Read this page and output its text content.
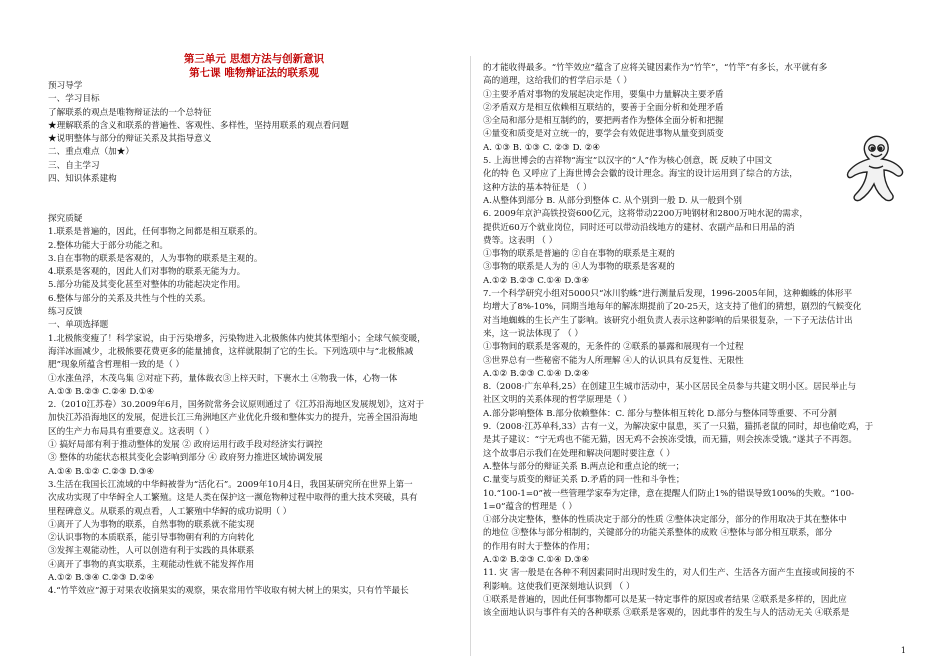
第三单元 思想方法与创新意识
第七课 唯物辩证法的联系观
预习导学
一、学习目标
了解联系的观点是唯物辩证法的一个总特征
★理解联系的含义和联系的普遍性、客观性、多样性，坚持用联系的观点看问题
★说明整体与部分的辩证关系及其指导意义
二、重点难点（加★）
三、自主学习
四、知识体系建构
探究质疑
1.联系是普遍的，因此，任何事物之间都是相互联系的。
2.整体功能大于部分功能之和。
3.自在事物的联系是客观的，人为事物的联系是主观的。
4.联系是客观的，因此人们对事物的联系无能为力。
5.部分功能及其变化甚至对整体的功能起决定作用。
6.整体与部分的关系及共性与个性的关系。
练习反馈
一、单项选择题
1.北极熊变瘦了！科学家说，由于污染增多，污染物进入北极熊体内使其体型缩小；全球气候变暖，
海洋冰面减少，北极熊要花费更多的能量捕食，这样就限制了它的生长。下列选项中与“北极熊减
肥”现象所蕴含哲理相一致的是（ ）
①水涨鱼浮，木茂鸟集 ②对症下药，量体裁衣③上梓天时，下裹水土 ④物我一体，心物一体
A.①③ B.②③ C.②④ D.①④
2.（2010江苏卷）30.2009年6月，国务院常务会议原则通过了《江苏沿海地区发展规划》，这对于
加快江苏沿海地区的发展，促进长江三角洲地区产业优化升级和整体实力的提升，完善全国沿海地
区的生产力布局具有重要意义。这表明（ ）
① 搞好局部有利于推动整体的发展 ② 政府运用行政手段对经济实行调控
③ 整体的功能状态根其变化会影响到部分 ④ 政府努力推进区域协调发展
A.①④ B.①② C.②③ D.③④
3.生活在我国长江流域的中华鲟被誉为“活化石”。2009年10月4日，我国某研究所在世界上第一
次成功实现了中华鲟全人工繁殖。这是人类在保护这一濒危物种过程中取得的重大技术突破，具有
里程碑意义。从联系的观点看，人工繁殖中华鲟的成功说明（ ）
①离开了人为事物的联系，自然事物的联系就不能实现
②认识事物的本质联系，能引导事物朝有利的方向转化
③发挥主观能动性，人可以创造有利于实践的具体联系
④离开了事物的真实联系，主观能动性就不能发挥作用
A.①② B.③④ C.②③ D.②④
4.“竹竿效应”源于对果农收摘果实的观察，果农常用竹竿收取有树大树上的果实，只有竹竿最长
的才能收得最多。“竹竿效应”蕴含了应将关键因素作为“竹竿”，“竹竿”有多长，水平就有多
高的道理，这给我们的哲学启示是（ ）
①主要矛盾对事物的发展起决定作用，要集中力量解决主要矛盾
②矛盾双方是相互依赖相互联结的，要善于全面分析和处理矛盾
③全局和部分是相互制约的，要把两者作为整体全面分析和把握
④量变和质变是对立统一的，要学会有效促进事物从量变到质变
A. ①③ B. ①③ C. ②③ D. ②④
5. 上海世博会的吉祥物“海宝”以汉字的“人”作为核心创意，既 反映了中国文
化的特 色 又呼应了上海世博会会徽的设计理念。海宝的设计运用到了综合的方法，
这种方法的基本特征是 （ ）
A.从整体到部分 B. 从部分到整体 C. 从个别到一般 D. 从一般到个别
6. 2009年京沪高铁投资600亿元，这将带动2200万吨钢材和2800万吨水泥的需求，
提供近60万个就业岗位，同时还可以带动沿线地方的建材、农副产品和日用品的消
费等。这表明 （ ）
①事物的联系是普遍的 ②自在事物的联系是主观的
③事物的联系是人为的 ④人为事物的联系是客观的
A.①② B.②③ C.①④ D.③④
7.一个科学研究小组对5000只“冰川豹蛛”进行测量后发现，1996-2005年间，这种蜘蛛的体形平
均增大了8%-10%，同期当地每年的解冻期提前了20-25天，这支持了他们的猜想，剧烈的气候变化
对当地蜘蛛的生长产生了影响。该研究小组负责人表示这种影响的后果很复杂，一下子无法估计出
来，这一说法体现了 （ ）
①事物间的联系是客观的，无条件的 ②联系的暴露和展现有一个过程
③世界总有一些秘密不能为人所理解 ④人的认识具有反复性、无限性
A.①② B.②③ C.①④ D.②④
8.（2008·广东单科,25）在创建卫生城市活动中，某小区居民全员参与共建文明小区。居民举止与
社区文明的关系体现的哲学原理是（ ）
A.部分影响整体 B.部分依赖整体：C. 部分与整体相互转化 D.部分与整体同等重要、不可分割
9.（2008·江苏单科,33）古有一义，为解决家中鼠患，买了一只猫，猫抓老鼠的同时，却也偷吃鸡，于
是其子建议：“宁无鸡也不能无猫，因无鸡不会挨冻受饿，而无猫，则会挨冻受饿。”遂其子不再怨。
这个故事启示我们在处理和解决问题时要注意（ ）
A.整体与部分的辩证关系 B.两点论和重点论的统一；
C.量变与质变的辩证关系 D.矛盾的同一性和斗争性；
10.“100-1=0”被一些管理学家奉为定律，意在提醒人们防止1%的错误导致100%的失败。“100-
1=0”蕴含的哲理是（ ）
①部分决定整体，整体的性质决定于部分的性质 ②整体决定部分，部分的作用取决于其在整体中
的地位 ③整体与部分相制约，关键部分的功能关系整体的成败 ④整体与部分相互联系，部分
的作用有时大于整体的作用；
A.①② B.②③ C.①④ D.③④
11. 灾 害一般是在各种不利因素同时出现时发生的，对人们生产、生活各方面产生直接或间接的不
利影响。这使我们更深刻地认识到 （ ）
①联系是普遍的，因此任何事物都可以是某一特定事件的原因或者结果 ②联系是多样的，因此应
该全面地认识与事件有关的各种联系 ③联系是客观的，因此事件的发生与人的活动无关 ④联系是
1
